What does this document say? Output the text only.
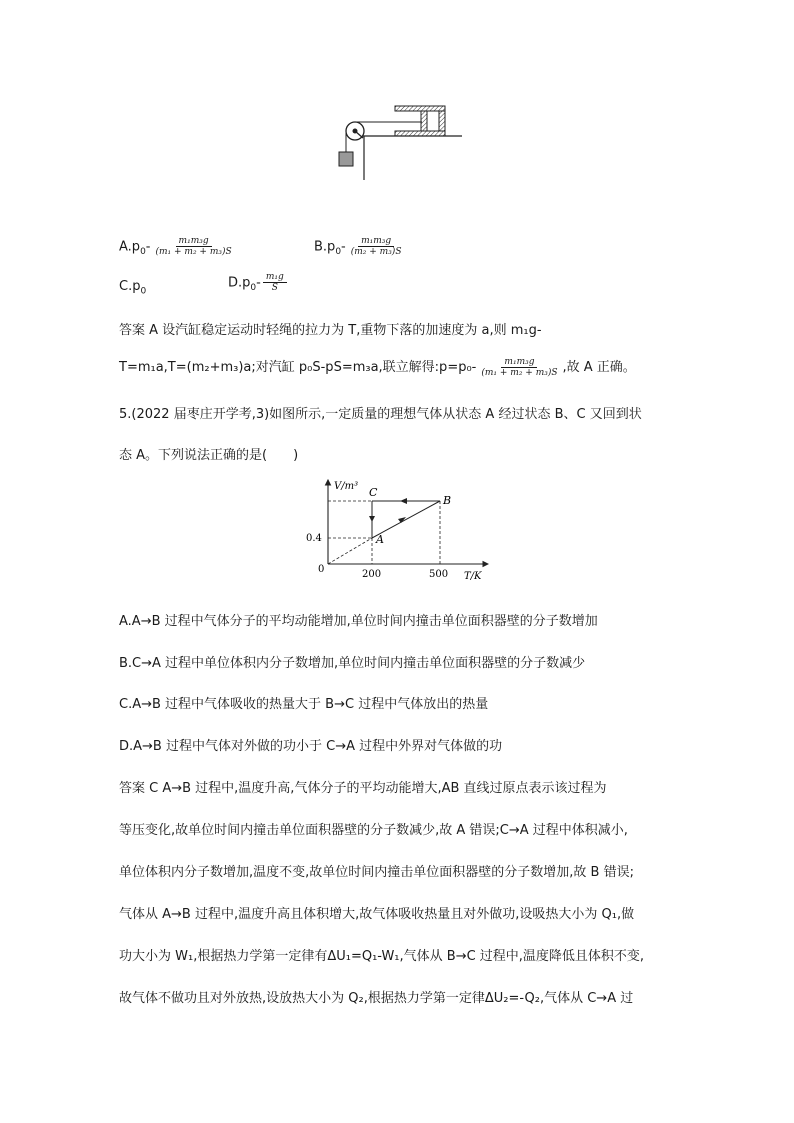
$A.p_0- \frac{\text{m₁m₃g}}{\text{(m₁ + m₂ + m₃)S}}$	$B.p_0- \frac{\text{m₁m₃g}}{\text{(m₂ + m₃)S}}$
$C.p_0$
$D.p_0- \frac{\text{m₁g}}{S}$
答案 A 设汽缸稳定运动时轻绳的拉力为 T,重物下落的加速度为 a,则 m₁g-
T=m₁a,T=(m₂+m₃)a;对汽缸 p₀S-pS=m₃a,联立解得:p=p₀- $\frac{\text{m₁m₃g}}{\text{(m₁ + m₂ + m₃)S}}$ ,故 A 正确。
5.(2022 届枣庄开学考,3)如图所示,一定质量的理想气体从状态 A 经过状态 B、C 又回到状
态 A。下列说法正确的是(　　)
V/m³
T/K
0
0.4
200	500
A
B
C
A.A→B 过程中气体分子的平均动能增加,单位时间内撞击单位面积器壁的分子数增加
B.C→A 过程中单位体积内分子数增加,单位时间内撞击单位面积器壁的分子数减少
C.A→B 过程中气体吸收的热量大于 B→C 过程中气体放出的热量
D.A→B 过程中气体对外做的功小于 C→A 过程中外界对气体做的功
答案 C A→B 过程中,温度升高,气体分子的平均动能增大,AB 直线过原点表示该过程为
等压变化,故单位时间内撞击单位面积器壁的分子数减少,故 A 错误;C→A 过程中体积减小,
单位体积内分子数增加,温度不变,故单位时间内撞击单位面积器壁的分子数增加,故 B 错误;
气体从 A→B 过程中,温度升高且体积增大,故气体吸收热量且对外做功,设吸热大小为 Q₁,做
功大小为 W₁,根据热力学第一定律有ΔU₁=Q₁-W₁,气体从 B→C 过程中,温度降低且体积不变,
故气体不做功且对外放热,设放热大小为 Q₂,根据热力学第一定律ΔU₂=-Q₂,气体从 C→A 过
